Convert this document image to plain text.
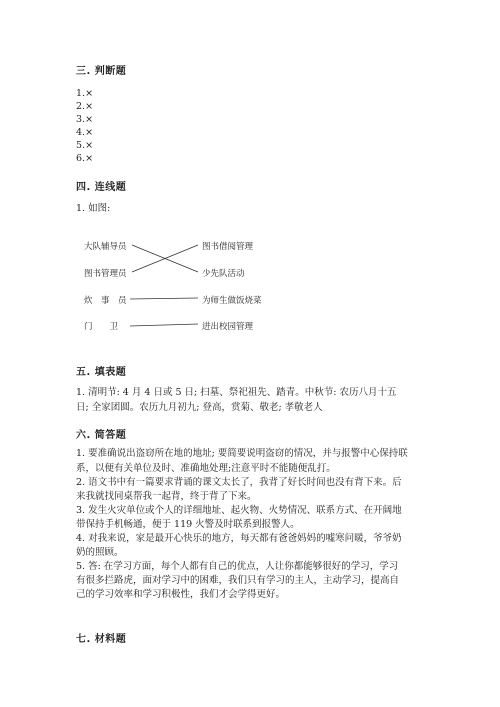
三. 判断题
1.×
2.×
3.×
4.×
5.×
6.×
四. 连线题
1. 如图:
大队辅导员
图书管理员
炊　事　员
门　　卫
图书借阅管理
少先队活动
为师生做饭烧菜
进出校园管理
五. 填表题
1. 清明节: 4 月 4 日或 5 日; 扫墓、祭祀祖先、踏青。中秋节: 农历八月十五
日; 全家团圆。农历九月初九; 登高，赏菊、敬老; 孝敬老人
六. 简答题
1. 要准确说出盗窃所在地的地址; 要简要说明盗窃的情况，并与报警中心保持联
系，以便有关单位及时、准确地处理;注意平时不能随便乱打。
2. 语文书中有一篇要求背诵的课文太长了，我背了好长时间也没有背下来。后
来我就找同桌帮我一起背，终于背了下来。
3. 发生火灾单位或个人的详细地址、起火物、火势情况、联系方式、在开阔地
带保持手机畅通，便于 119 火警及时联系到报警人。
4. 对我来说，家是最开心快乐的地方，每天都有爸爸妈妈的嘘寒问暖，爷爷奶
奶的照顾。
5. 答: 在学习方面，每个人都有自己的优点，人让你都能够很好的学习，学习
有很多拦路虎，面对学习中的困难，我们只有学习的主人，主动学习，提高自
己的学习效率和学习积极性，我们才会学得更好。
七. 材料题
